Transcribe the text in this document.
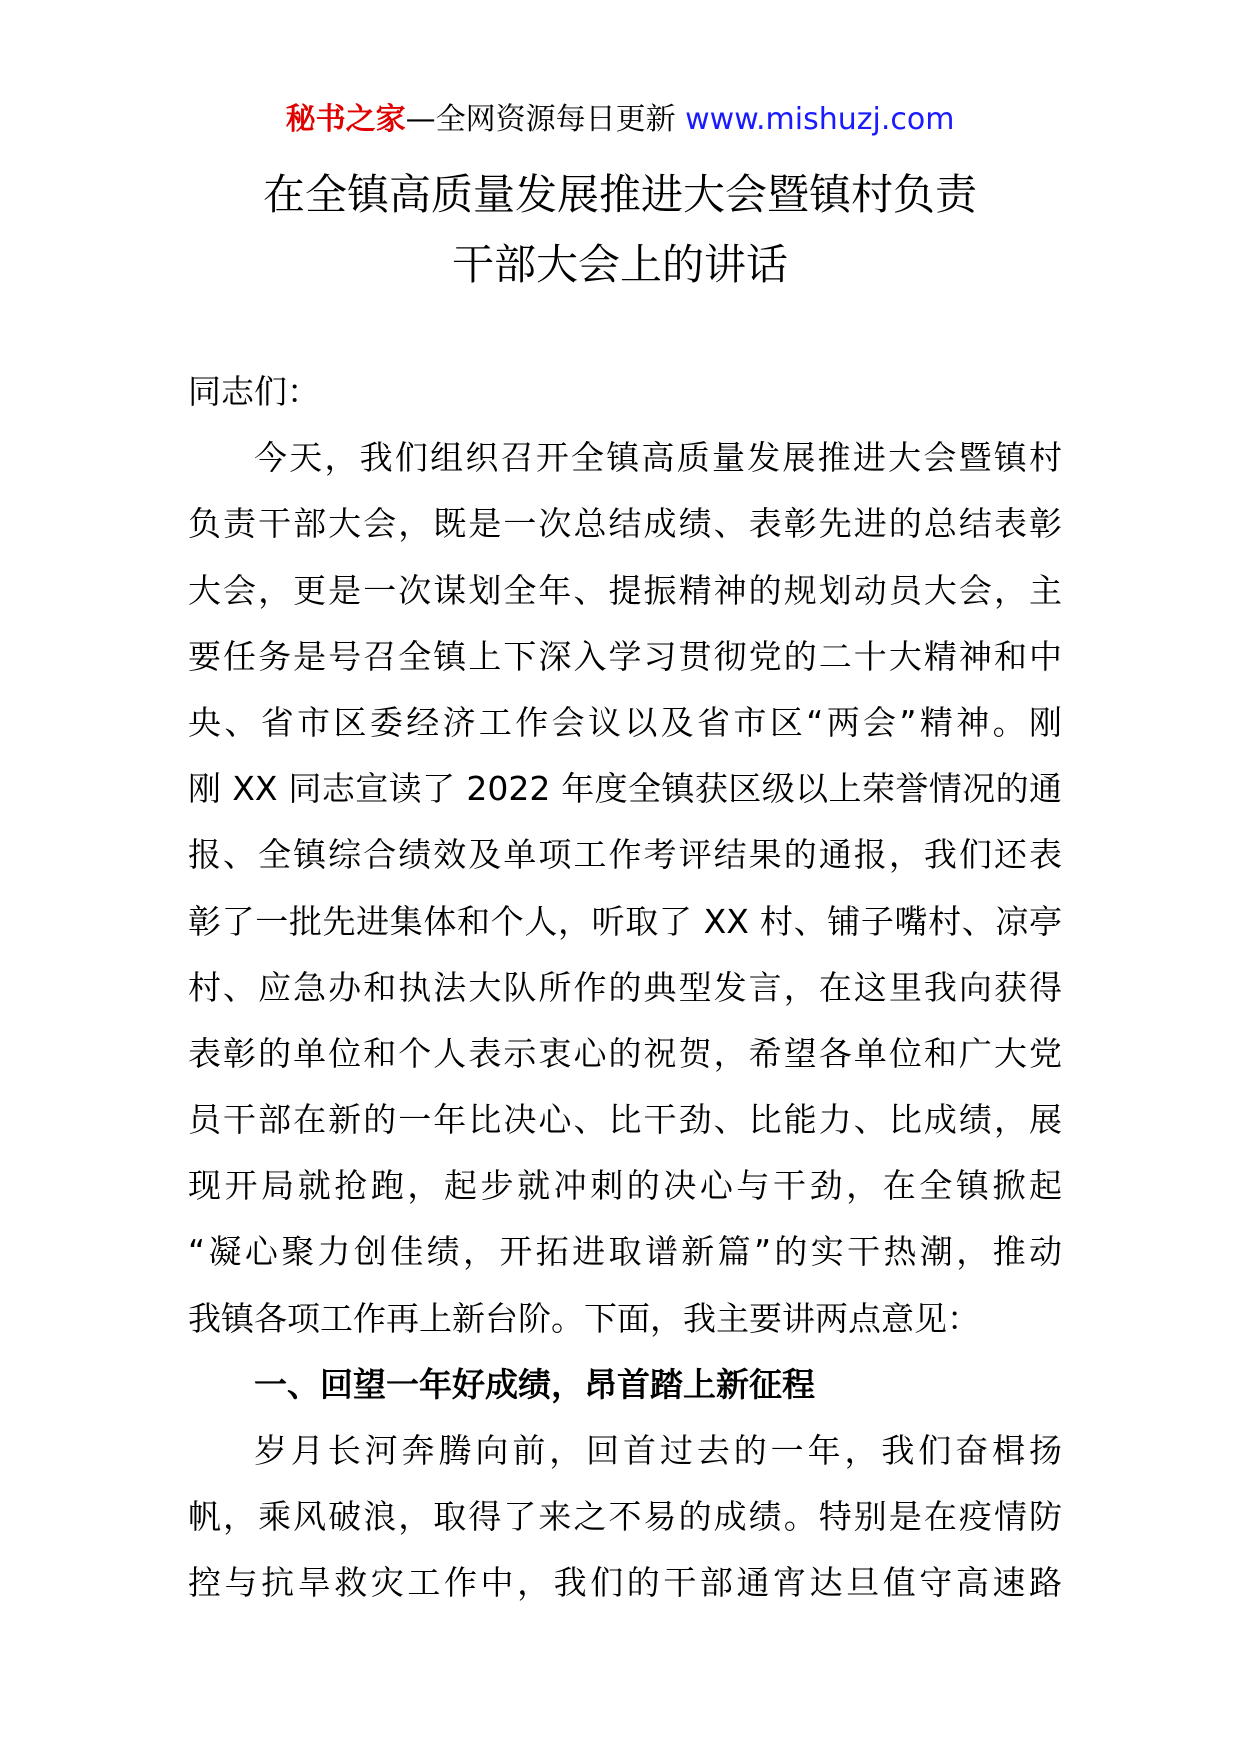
秘书之家—全网资源每日更新 www.mishuzj.com
在全镇高质量发展推进大会暨镇村负责
干部大会上的讲话
同志们：
今天，我们组织召开全镇高质量发展推进大会暨镇村
负责干部大会，既是一次总结成绩、表彰先进的总结表彰
大会，更是一次谋划全年、提振精神的规划动员大会，主
要任务是号召全镇上下深入学习贯彻党的二十大精神和中
央、省市区委经济工作会议以及省市区“两会”精神。刚
刚 XX 同志宣读了 2022 年度全镇获区级以上荣誉情况的通
报、全镇综合绩效及单项工作考评结果的通报，我们还表
彰了一批先进集体和个人，听取了 XX 村、铺子嘴村、凉亭
村、应急办和执法大队所作的典型发言，在这里我向获得
表彰的单位和个人表示衷心的祝贺，希望各单位和广大党
员干部在新的一年比决心、比干劲、比能力、比成绩，展
现开局就抢跑，起步就冲刺的决心与干劲，在全镇掀起
“凝心聚力创佳绩，开拓进取谱新篇”的实干热潮，推动
我镇各项工作再上新台阶。下面，我主要讲两点意见：
一、回望一年好成绩，昂首踏上新征程
岁月长河奔腾向前，回首过去的一年，我们奋楫扬
帆，乘风破浪，取得了来之不易的成绩。特别是在疫情防
控与抗旱救灾工作中，我们的干部通宵达旦值守高速路
